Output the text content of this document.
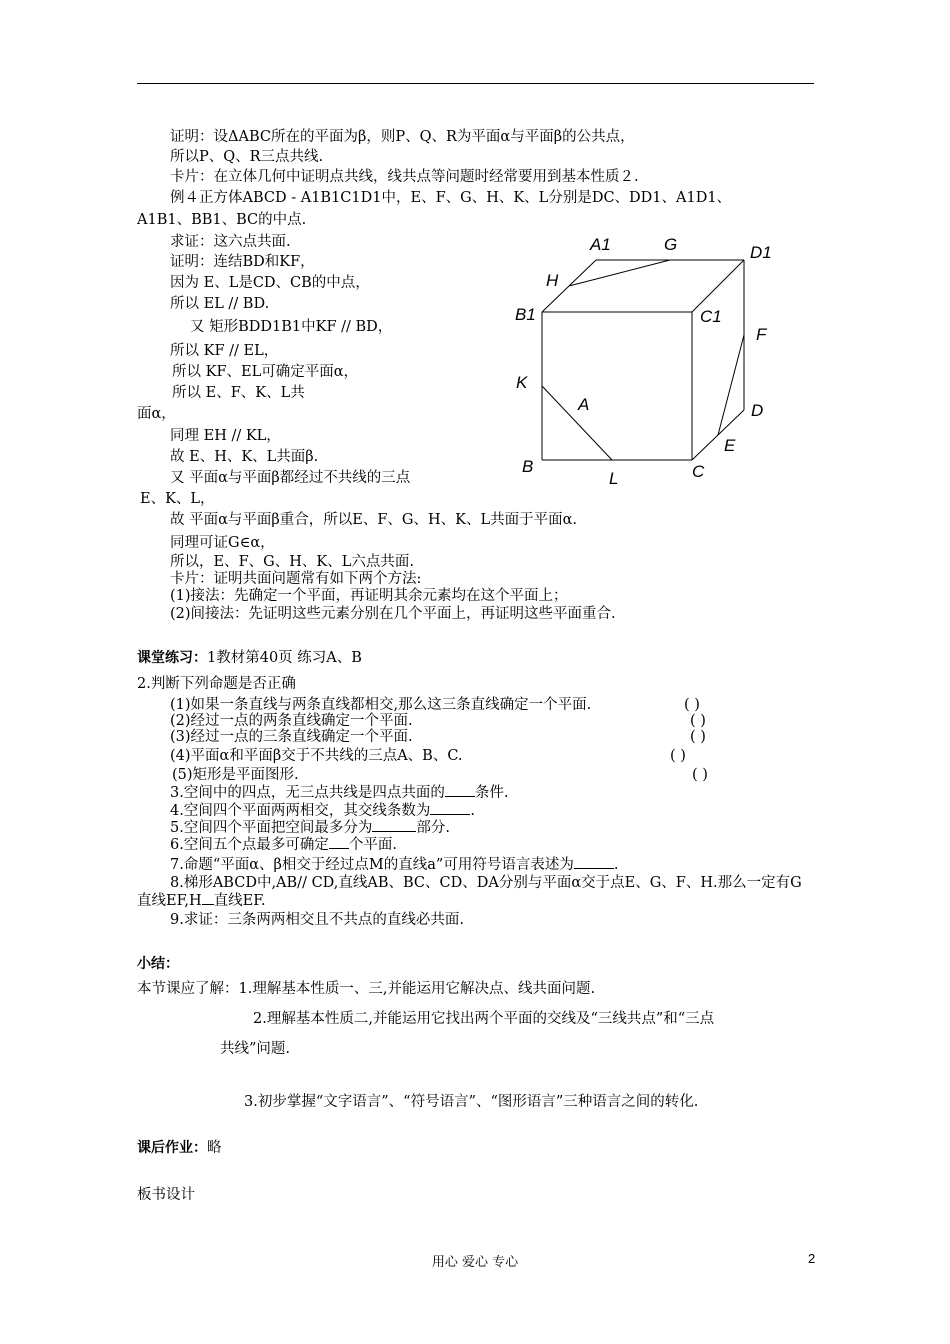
证明：设ΔABC所在的平面为β，则P、Q、R为平面α与平面β的公共点，
所以P、Q、R三点共线.
卡片：在立体几何中证明点共线，线共点等问题时经常要用到基本性质２.
例４正方体ABCD - A1B1C1D1中，E、F、G、H、K、L分别是DC、DD1、A1D1、
A1B1、BB1、BC的中点.
求证：这六点共面.
证明：连结BD和KF，
因为 E、L是CD、CB的中点，
所以 EL // BD.
又 矩形BDD1B1中KF // BD，
所以 KF // EL，
所以 KF、EL可确定平面α，
所以 E、F、K、L共
面α，
同理 EH // KL，
故 E、H、K、L共面β.
又 平面α与平面β都经过不共线的三点
E、K、L，
故 平面α与平面β重合，所以E、F、G、H、K、L共面于平面α.
同理可证G∈α，
所以，E、F、G、H、K、L六点共面.
卡片：证明共面问题常有如下两个方法:
(1)接法：先确定一个平面，再证明其余元素均在这个平面上；
(2)间接法：先证明这些元素分别在几个平面上，再证明这些平面重合.
A1	G	D1
H
B1	C1
F
K
A	D
E
B	C
L
课堂练习：1教材第40页 练习A、B
2.判断下列命题是否正确
(1)如果一条直线与两条直线都相交,那么这三条直线确定一个平面.	( )
(2)经过一点的两条直线确定一个平面.	( )
(3)经过一点的三条直线确定一个平面.	( )
(4)平面α和平面β交于不共线的三点A、B、C.	( )
(5)矩形是平面图形.	( )
3.空间中的四点，无三点共线是四点共面的 条件.
4.空间四个平面两两相交，其交线条数为	.
5.空间四个平面把空间最多分为	部分.
6.空间五个点最多可确定 个平面.
7.命题“平面α、β相交于经过点M的直线a”可用符号语言表述为	.
8.梯形ABCD中,AB// CD,直线AB、BC、CD、DA分别与平面α交于点E、G、F、H.那么一定有G
直线EF,H 直线EF.
9.求证：三条两两相交且不共点的直线必共面.
小结：
本节课应了解：1.理解基本性质一、三,并能运用它解决点、线共面问题.
2.理解基本性质二,并能运用它找出两个平面的交线及“三线共点”和“三点
共线”问题.
3.初步掌握“文字语言”、“符号语言”、“图形语言”三种语言之间的转化.
课后作业：略
板书设计
用心 爱心 专心	2
